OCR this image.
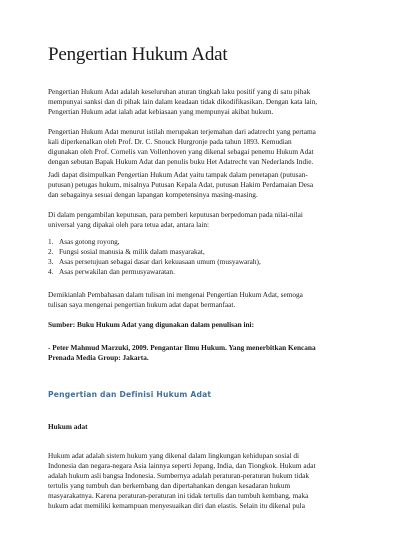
Pengertian Hukum Adat
Pengertian Hukum Adat adalah keseluruhan aturan tingkah laku positif yang di satu pihak
mempunyai sanksi dan di pihak lain dalam keadaan tidak dikodifikasikan. Dengan kata lain,
Pengertian Hukum adat ialah adat kebiasaan yang mempunyai akibat hukum.
Pengertian Hukum Adat menurut istilah merupakan terjemahan dari adatrecht yang pertama
kali diperkenalkan oleh Prof. Dr. C. Snouck Hurgronje pada tahun 1893. Kemudian
digunakan oleh Prof. Cornelis van Vollenhoven yang dikenal sebagai penemu Hukum Adat
dengan sebutan Bapak Hukum Adat dan penulis buku Het Adatrecht van Nederlands Indie.
Jadi dapat disimpulkan Pengertian Hukum Adat yaitu tampak dalam penetapan (putusan-
putusan) petugas hukum, misalnya Putusan Kepala Adat, putusan Hakim Perdamaian Desa
dan sebagainya sesuai dengan lapangan kompetensinya masing-masing.
Di dalam pengambilan keputusan, para pemberi keputusan berpedoman pada nilai-nilai
universal yang dipakai oleh para tetua adat, antara lain:
1. Asas gotong royong,
2. Fungsi sosial manusia & milik dalam masyarakat,
3. Asas persetujuan sebagai dasar dari kekuasaan umum (musyawarah),
4. Asas perwakilan dan permusyawaratan.
Demikianlah Pembahasan dalam tulisan ini mengenai Pengertian Hukum Adat, semoga
tulisan saya mengenai pengertian hukum adat dapat bermanfaat.
Sumber: Buku Hukum Adat yang digunakan dalam penulisan ini:
- Peter Mahmud Marzuki, 2009. Pengantar Ilmu Hukum. Yang menerbitkan Kencana
Prenada Media Group: Jakarta.
Pengertian dan Definisi Hukum Adat
Hukum adat
Hukum adat adalah sistem hukum yang dikenal dalam lingkungan kehidupan sosial di
Indonesia dan negara-negara Asia lainnya seperti Jepang, India, dan Tiongkok. Hukum adat
adalah hukum asli bangsa Indonesia. Sumbernya adalah peraturan-peraturan hukum tidak
tertulis yang tumbuh dan berkembang dan dipertahankan dengan kesadaran hukum
masyarakatnya. Karena peraturan-peraturan ini tidak tertulis dan tumbuh kembang, maka
hukum adat memiliki kemampuan menyesuaikan diri dan elastis. Selain itu dikenal pula
